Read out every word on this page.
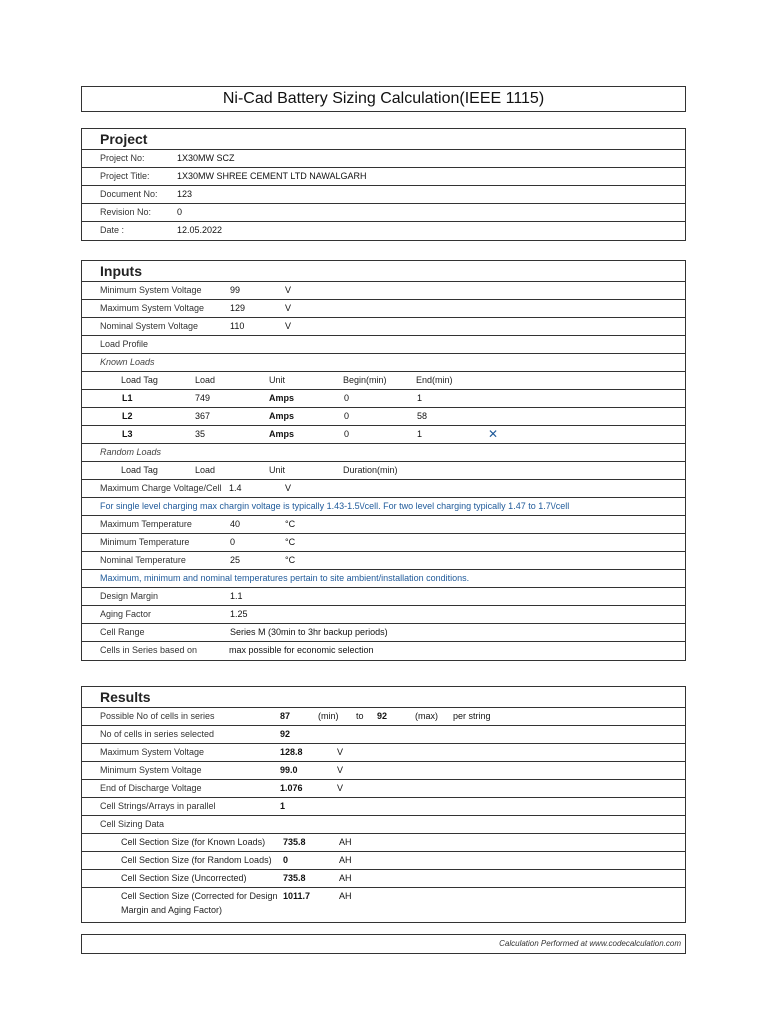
Ni-Cad Battery Sizing Calculation(IEEE 1115)
Project
Project No:	1X30MW SCZ
Project Title:	1X30MW SHREE CEMENT LTD NAWALGARH
Document No: 123
Revision No:	0
Date :	12.05.2022
Inputs
Minimum System Voltage	99	V
Maximum System Voltage	129	V
Nominal System Voltage	110	V
Load Profile
Known Loads
Load Tag	Load	Unit	Begin(min)	End(min)
L1	749	Amps	0	1
L2	367	Amps	0	58
L3	35	Amps	0	1	✕
Random Loads
Load Tag	Load	Unit	Duration(min)
Maximum Charge Voltage/Cell 1.4	V
For single level charging max chargin voltage is typically 1.43-1.5\/cell. For two level charging typically 1.47 to 1.7\/cell
Maximum Temperature	40	°C
Minimum Temperature	0	°C
Nominal Temperature	25	°C
Maximum, minimum and nominal temperatures pertain to site ambient/installation conditions.
Design Margin	1.1
Aging Factor	1.25
Cell Range	Series M (30min to 3hr backup periods)
Cells in Series based on	max possible for economic selection
Results
Possible No of cells in series	87	(min) to 92	(max) per string
No of cells in series selected	92
Maximum System Voltage	128.8	V
Minimum System Voltage	99.0	V
End of Discharge Voltage	1.076	V
Cell Strings/Arrays in parallel	1
Cell Sizing Data
Cell Section Size (for Known Loads) 735.8	AH
Cell Section Size (for Random Loads) 0	AH
Cell Section Size (Uncorrected)	735.8	AH
Cell Section Size (Corrected for Design
Margin and Aging Factor)
1011.7	AH
Calculation Performed at www.codecalculation.com
